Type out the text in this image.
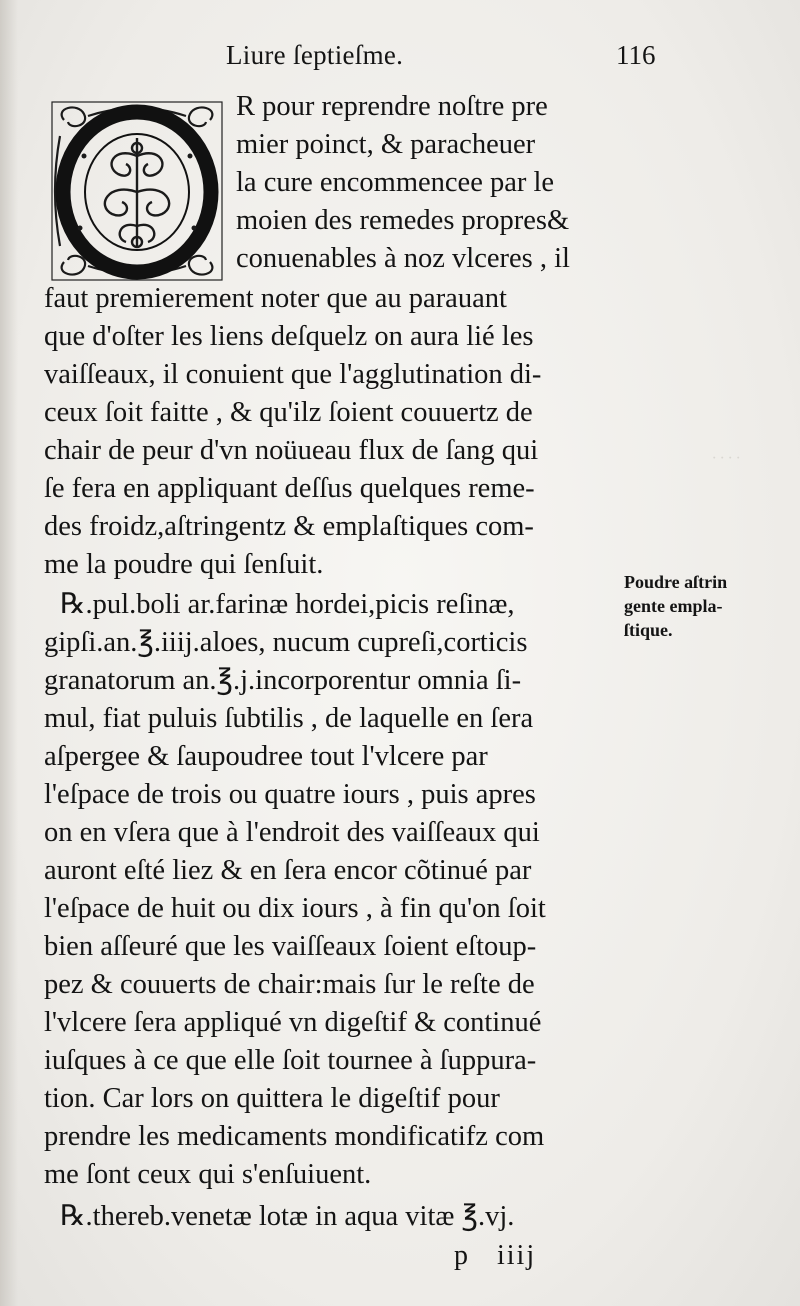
· · · ·
Liure ſeptieſme.	116
R pour reprendre noſtre pre
mier poinct, & paracheuer
la cure encommencee par le
moien des remedes propres&
conuenables à noz vlceres , il
faut premierement noter que au parauant
que d'oſter les liens deſquelz on aura lié les
vaiſſeaux, il conuient que l'agglutination di-
ceux ſoit faitte , & qu'ilz ſoient couuertz de
chair de peur d'vn noüueau flux de ſang qui
ſe fera en appliquant deſſus quelques reme-
des froidz,aſtringentz & emplaſtiques com-
me la poudre qui ſenſuit.
℞.pul.boli ar.farinæ hordei,picis reſinæ,
gipſi.an.℥.iiij.aloes, nucum cupreſi,corticis
granatorum an.℥.j.incorporentur omnia ſi-
mul, fiat puluis ſubtilis , de laquelle en ſera
aſpergee & ſaupoudree tout l'vlcere par
l'eſpace de trois ou quatre iours , puis apres
on en vſera que à l'endroit des vaiſſeaux qui
auront eſté liez & en ſera encor cõtinué par
l'eſpace de huit ou dix iours , à fin qu'on ſoit
bien aſſeuré que les vaiſſeaux ſoient eſtoup-
pez & couuerts de chair:mais ſur le reſte de
l'vlcere ſera appliqué vn digeſtif & continué
iuſques à ce que elle ſoit tournee à ſuppura-
tion. Car lors on quittera le digeſtif pour
prendre les medicaments mondificatifz com
me ſont ceux qui s'enſuiuent.
℞.thereb.venetæ lotæ in aqua vitæ ℥.vj.
Poudre aſtrin
gente empla-
ſtique.
p   iiij
